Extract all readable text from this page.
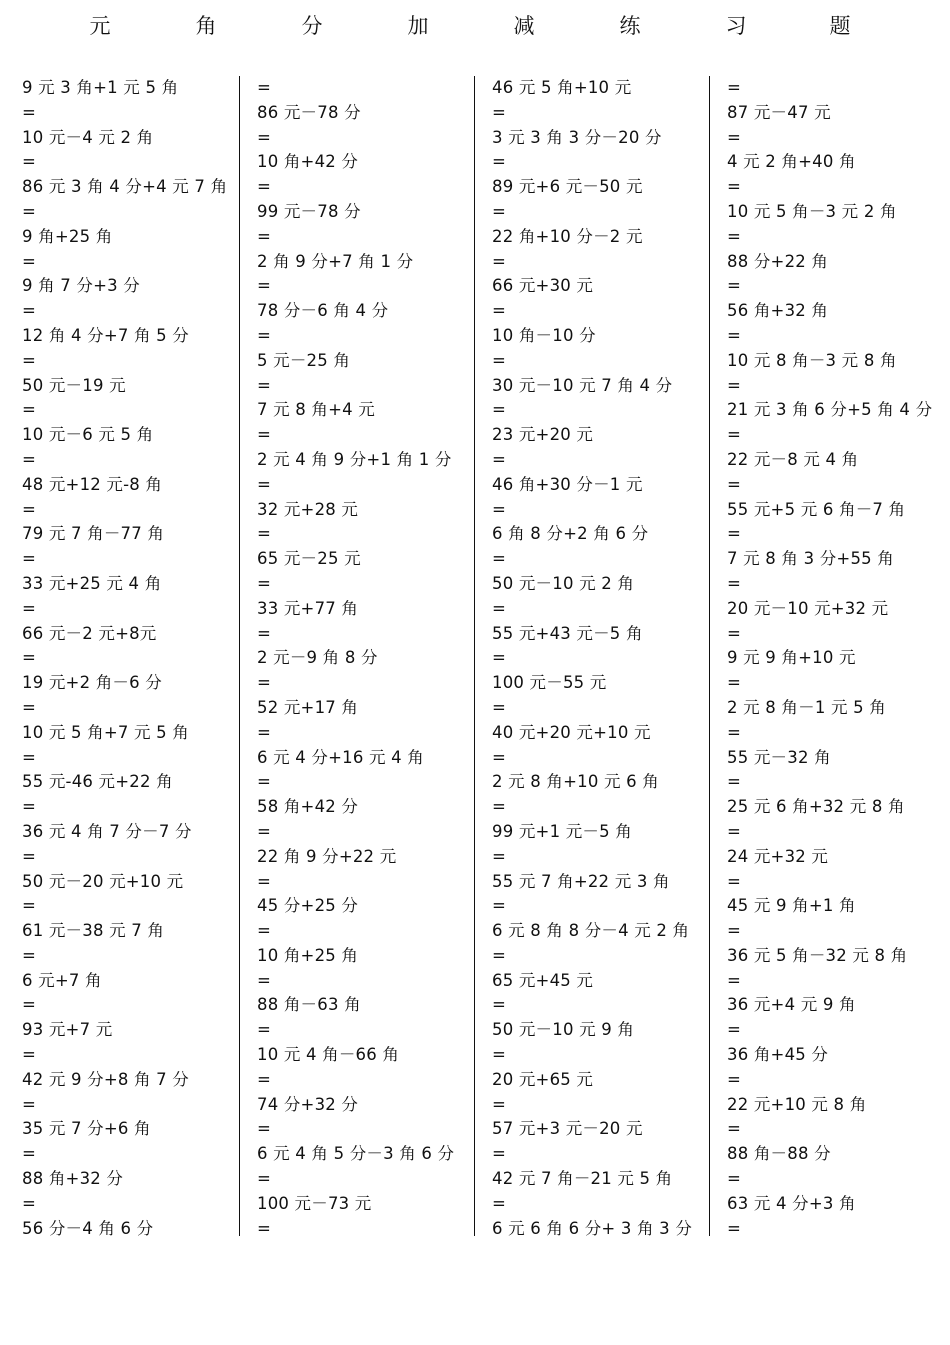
元	角	分	加	减	练	习	题
9 元 3 角+1 元 5 角
=
10 元－4 元 2 角
=
86 元 3 角 4 分+4 元 7 角
=
9 角+25 角
=
9 角 7 分+3 分
=
12 角 4 分+7 角 5 分
=
50 元－19 元
=
10 元－6 元 5 角
=
48 元+12 元-8 角
=
79 元 7 角－77 角
=
33 元+25 元 4 角
=
66 元－2 元+8元
=
19 元+2 角－6 分
=
10 元 5 角+7 元 5 角
=
55 元-46 元+22 角
=
36 元 4 角 7 分－7 分
=
50 元－20 元+10 元
=
61 元－38 元 7 角
=
6 元+7 角
=
93 元+7 元
=
42 元 9 分+8 角 7 分
=
35 元 7 分+6 角
=
88 角+32 分
=
56 分－4 角 6 分
=
86 元－78 分
=
10 角+42 分
=
99 元－78 分
=
2 角 9 分+7 角 1 分
=
78 分－6 角 4 分
=
5 元－25 角
=
7 元 8 角+4 元
=
2 元 4 角 9 分+1 角 1 分
=
32 元+28 元
=
65 元－25 元
=
33 元+77 角
=
2 元－9 角 8 分
=
52 元+17 角
=
6 元 4 分+16 元 4 角
=
58 角+42 分
=
22 角 9 分+22 元
=
45 分+25 分
=
10 角+25 角
=
88 角－63 角
=
10 元 4 角－66 角
=
74 分+32 分
=
6 元 4 角 5 分－3 角 6 分
=
100 元－73 元
=
46 元 5 角+10 元
=
3 元 3 角 3 分－20 分
=
89 元+6 元－50 元
=
22 角+10 分－2 元
=
66 元+30 元
=
10 角－10 分
=
30 元－10 元 7 角 4 分
=
23 元+20 元
=
46 角+30 分－1 元
=
6 角 8 分+2 角 6 分
=
50 元－10 元 2 角
=
55 元+43 元－5 角
=
100 元－55 元
=
40 元+20 元+10 元
=
2 元 8 角+10 元 6 角
=
99 元+1 元－5 角
=
55 元 7 角+22 元 3 角
=
6 元 8 角 8 分－4 元 2 角
=
65 元+45 元
=
50 元－10 元 9 角
=
20 元+65 元
=
57 元+3 元－20 元
=
42 元 7 角－21 元 5 角
=
6 元 6 角 6 分+ 3 角 3 分
=
87 元－47 元
=
4 元 2 角+40 角
=
10 元 5 角－3 元 2 角
=
88 分+22 角
=
56 角+32 角
=
10 元 8 角－3 元 8 角
=
21 元 3 角 6 分+5 角 4 分
=
22 元－8 元 4 角
=
55 元+5 元 6 角－7 角
=
7 元 8 角 3 分+55 角
=
20 元－10 元+32 元
=
9 元 9 角+10 元
=
2 元 8 角－1 元 5 角
=
55 元－32 角
=
25 元 6 角+32 元 8 角
=
24 元+32 元
=
45 元 9 角+1 角
=
36 元 5 角－32 元 8 角
=
36 元+4 元 9 角
=
36 角+45 分
=
22 元+10 元 8 角
=
88 角－88 分
=
63 元 4 分+3 角
=
